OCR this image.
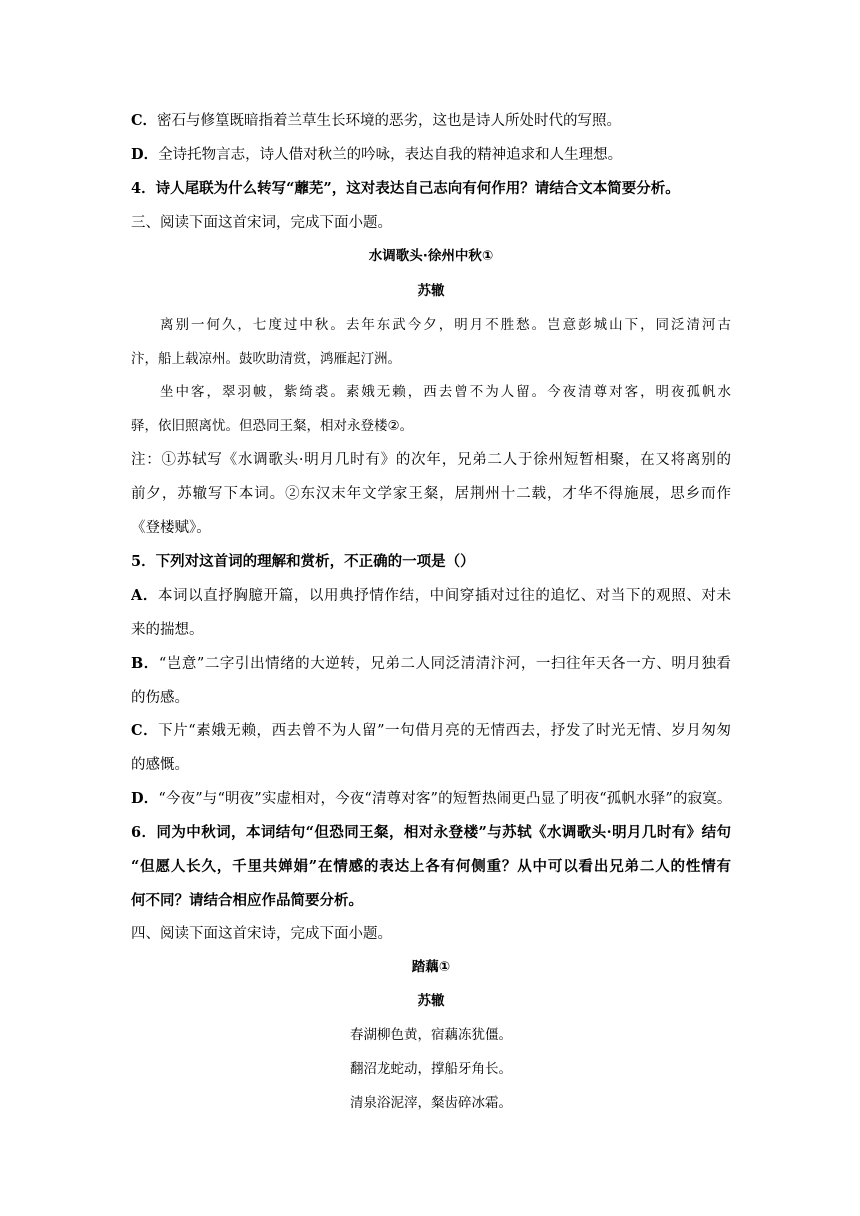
C．密石与修篁既暗指着兰草生长环境的恶劣，这也是诗人所处时代的写照。
D．全诗托物言志，诗人借对秋兰的吟咏，表达自我的精神追求和人生理想。
4．诗人尾联为什么转写“蘼芜”，这对表达自己志向有何作用？请结合文本简要分析。
三、阅读下面这首宋词，完成下面小题。
水调歌头·徐州中秋①
苏辙
离别一何久，七度过中秋。去年东武今夕，明月不胜愁。岂意彭城山下，同泛清河古
汴，船上载凉州。鼓吹助清赏，鸿雁起汀洲。
坐中客，翠羽帔，紫绮裘。素娥无赖，西去曾不为人留。今夜清尊对客，明夜孤帆水
驿，依旧照离忧。但恐同王粲，相对永登楼②。
注：①苏轼写《水调歌头·明月几时有》的次年，兄弟二人于徐州短暂相聚，在又将离别的
前夕，苏辙写下本词。②东汉末年文学家王粲，居荆州十二载，才华不得施展，思乡而作
《登楼赋》。
5．下列对这首词的理解和赏析，不正确的一项是（）
A．本词以直抒胸臆开篇，以用典抒情作结，中间穿插对过往的追忆、对当下的观照、对未
来的揣想。
B．“岂意”二字引出情绪的大逆转，兄弟二人同泛清清汴河，一扫往年天各一方、明月独看
的伤感。
C．下片“素娥无赖，西去曾不为人留”一句借月亮的无情西去，抒发了时光无情、岁月匆匆
的感慨。
D．“今夜”与“明夜”实虚相对，今夜“清尊对客”的短暂热闹更凸显了明夜“孤帆水驿”的寂寞。
6．同为中秋词，本词结句“但恐同王粲，相对永登楼”与苏轼《水调歌头·明月几时有》结句
“但愿人长久，千里共婵娟”在情感的表达上各有何侧重？从中可以看出兄弟二人的性情有
何不同？请结合相应作品简要分析。
四、阅读下面这首宋诗，完成下面小题。
踏藕①
苏辙
春湖柳色黄，宿藕冻犹僵。
翻沼龙蛇动，撑船牙角长。
清泉浴泥滓，粲齿碎冰霜。
